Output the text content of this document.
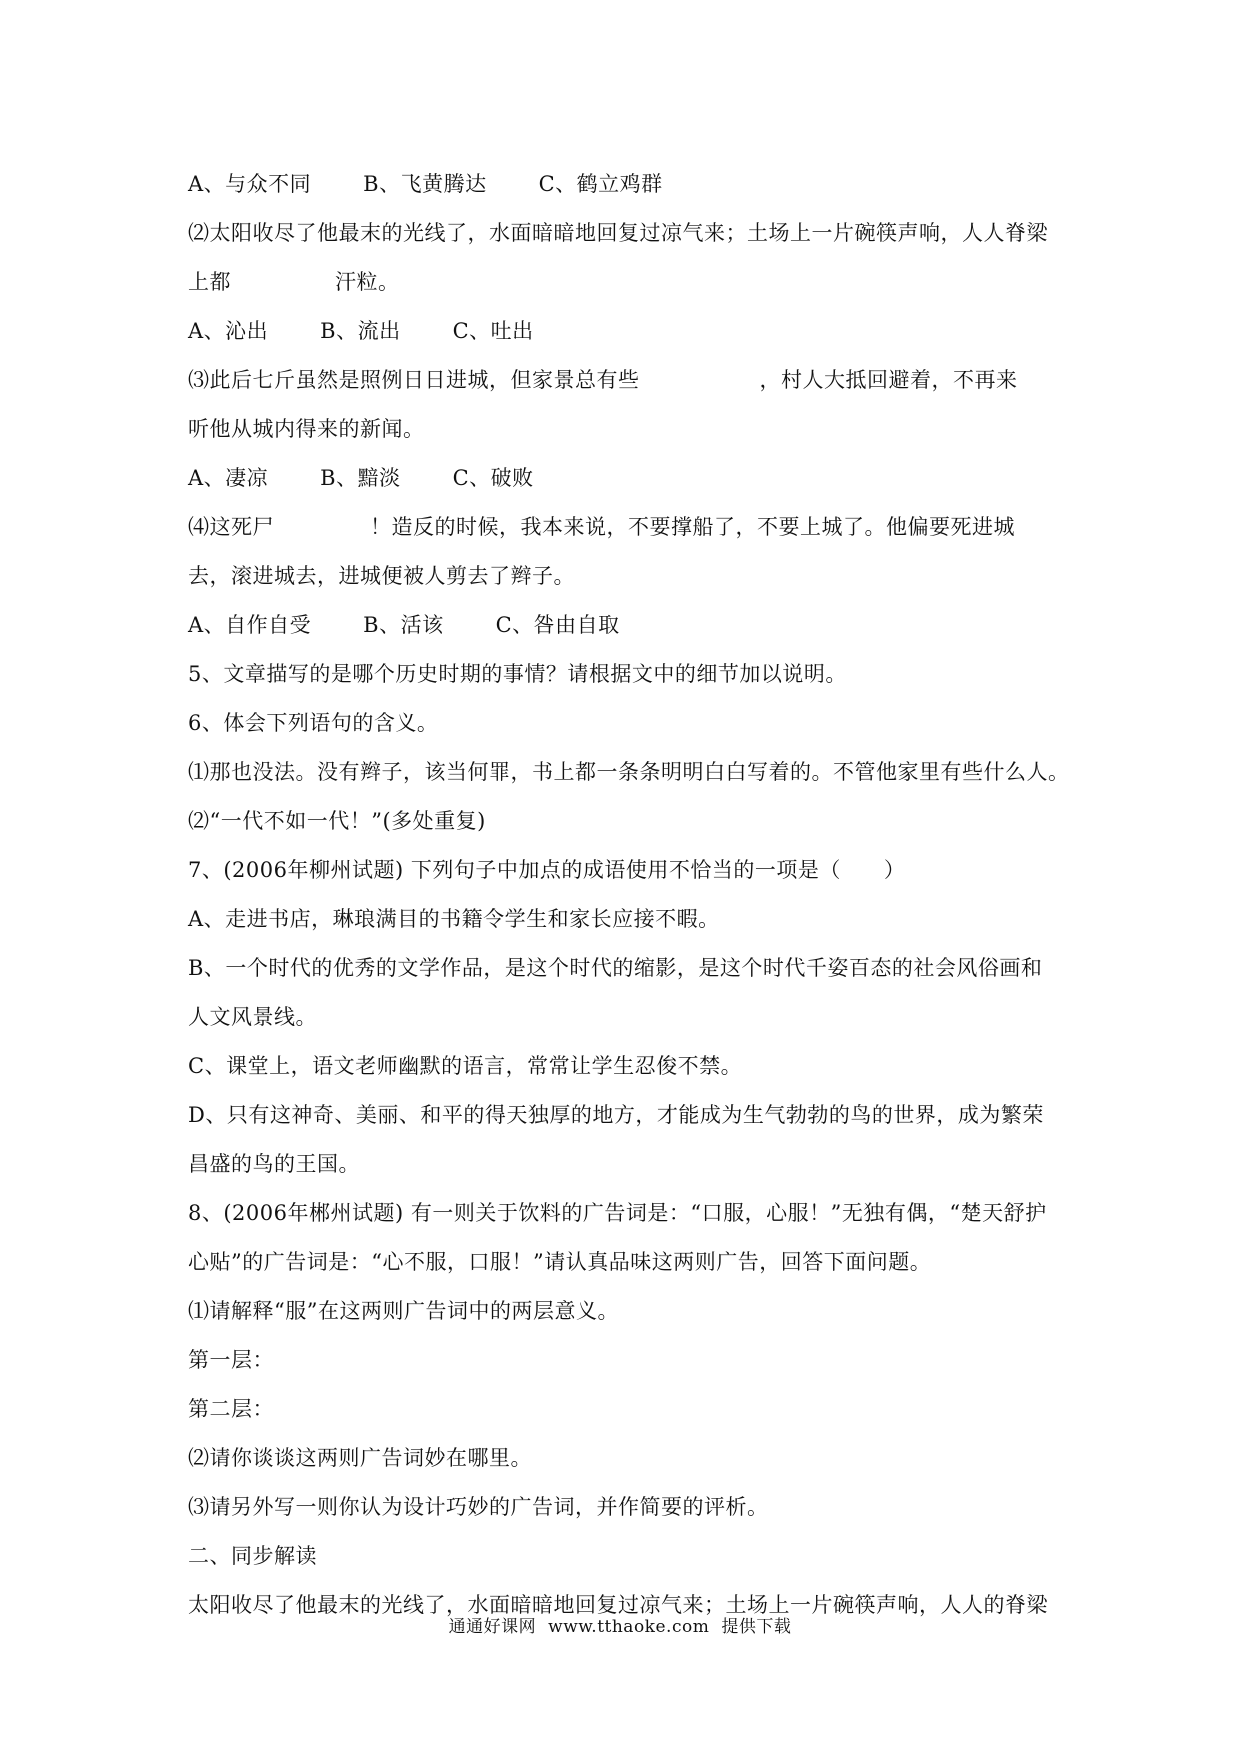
A、与众不同 B、飞黄腾达 C、鹤立鸡群
⑵太阳收尽了他最末的光线了，水面暗暗地回复过凉气来；土场上一片碗筷声响，人人脊梁
上都	汗粒。
A、沁出 B、流出 C、吐出
⑶此后七斤虽然是照例日日进城，但家景总有些	，村人大抵回避着，不再来
听他从城内得来的新闻。
A、凄凉 B、黯淡 C、破败
⑷这死尸	！造反的时候，我本来说，不要撑船了，不要上城了。他偏要死进城
去，滚进城去，进城便被人剪去了辫子。
A、自作自受 B、活该 C、咎由自取
5、文章描写的是哪个历史时期的事情？请根据文中的细节加以说明。
6、体会下列语句的含义。
⑴那也没法。没有辫子，该当何罪，书上都一条条明明白白写着的。不管他家里有些什么人。
⑵“一代不如一代！”(多处重复)
7、(2006年柳州试题) 下列句子中加点的成语使用不恰当的一项是（　　）
A、走进书店，琳琅满目的书籍令学生和家长应接不暇。
B、一个时代的优秀的文学作品，是这个时代的缩影，是这个时代千姿百态的社会风俗画和
人文风景线。
C、课堂上，语文老师幽默的语言，常常让学生忍俊不禁。
D、只有这神奇、美丽、和平的得天独厚的地方，才能成为生气勃勃的鸟的世界，成为繁荣
昌盛的鸟的王国。
8、(2006年郴州试题) 有一则关于饮料的广告词是：“口服，心服！”无独有偶，“楚天舒护
心贴”的广告词是：“心不服，口服！”请认真品味这两则广告，回答下面问题。
⑴请解释“服”在这两则广告词中的两层意义。
第一层：
第二层：
⑵请你谈谈这两则广告词妙在哪里。
⑶请另外写一则你认为设计巧妙的广告词，并作简要的评析。
二、同步解读
太阳收尽了他最末的光线了，水面暗暗地回复过凉气来；土场上一片碗筷声响，人人的脊梁
通通好课网 www.tthaoke.com 提供下载
